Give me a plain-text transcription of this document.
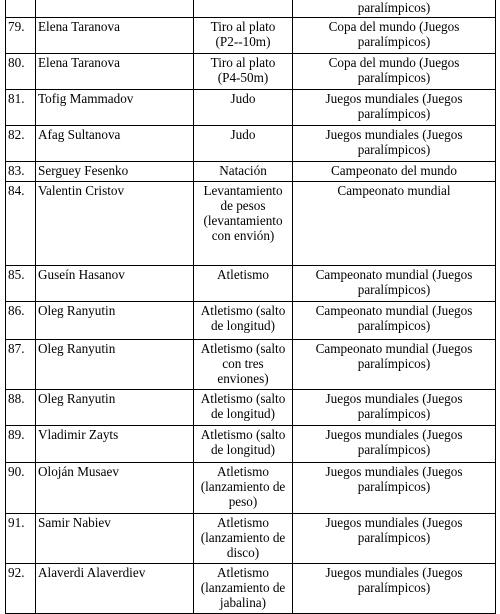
			paralímpicos)
79.	Elena Taranova	Tiro al plato (P2--10m)	Copa del mundo (Juegos paralímpicos)
80.	Elena Taranova	Tiro al plato (P4-50m)	Copa del mundo (Juegos paralímpicos)
81.	Tofig Mammadov	Judo	Juegos mundiales (Juegos paralímpicos)
82.	Afag Sultanova	Judo	Juegos mundiales (Juegos paralímpicos)
83.	Serguey Fesenko	Natación	Campeonato del mundo
84.	Valentin Cristov	Levantamiento de pesos (levantamiento con envión)	Campeonato mundial
85.	Guseín Hasanov	Atletismo	Campeonato mundial (Juegos paralímpicos)
86.	Oleg Ranyutin	Atletismo (salto de longitud)	Campeonato mundial (Juegos paralímpicos)
87.	Oleg Ranyutin	Atletismo (salto con tres enviones)	Campeonato mundial (Juegos paralímpicos)
88.	Oleg Ranyutin	Atletismo (salto de longitud)	Juegos mundiales (Juegos paralímpicos)
89.	Vladimir Zayts	Atletismo (salto de longitud)	Juegos mundiales (Juegos paralímpicos)
90.	Olоján Musaev	Atletismo (lanzamiento de peso)	Juegos mundiales (Juegos paralímpicos)
91.	Samir Nabiev	Atletismo (lanzamiento de disco)	Juegos mundiales (Juegos paralímpicos)
92.	Alaverdi Alaverdiev	Atletismo (lanzamiento de jabalina)	Juegos mundiales (Juegos paralímpicos)
